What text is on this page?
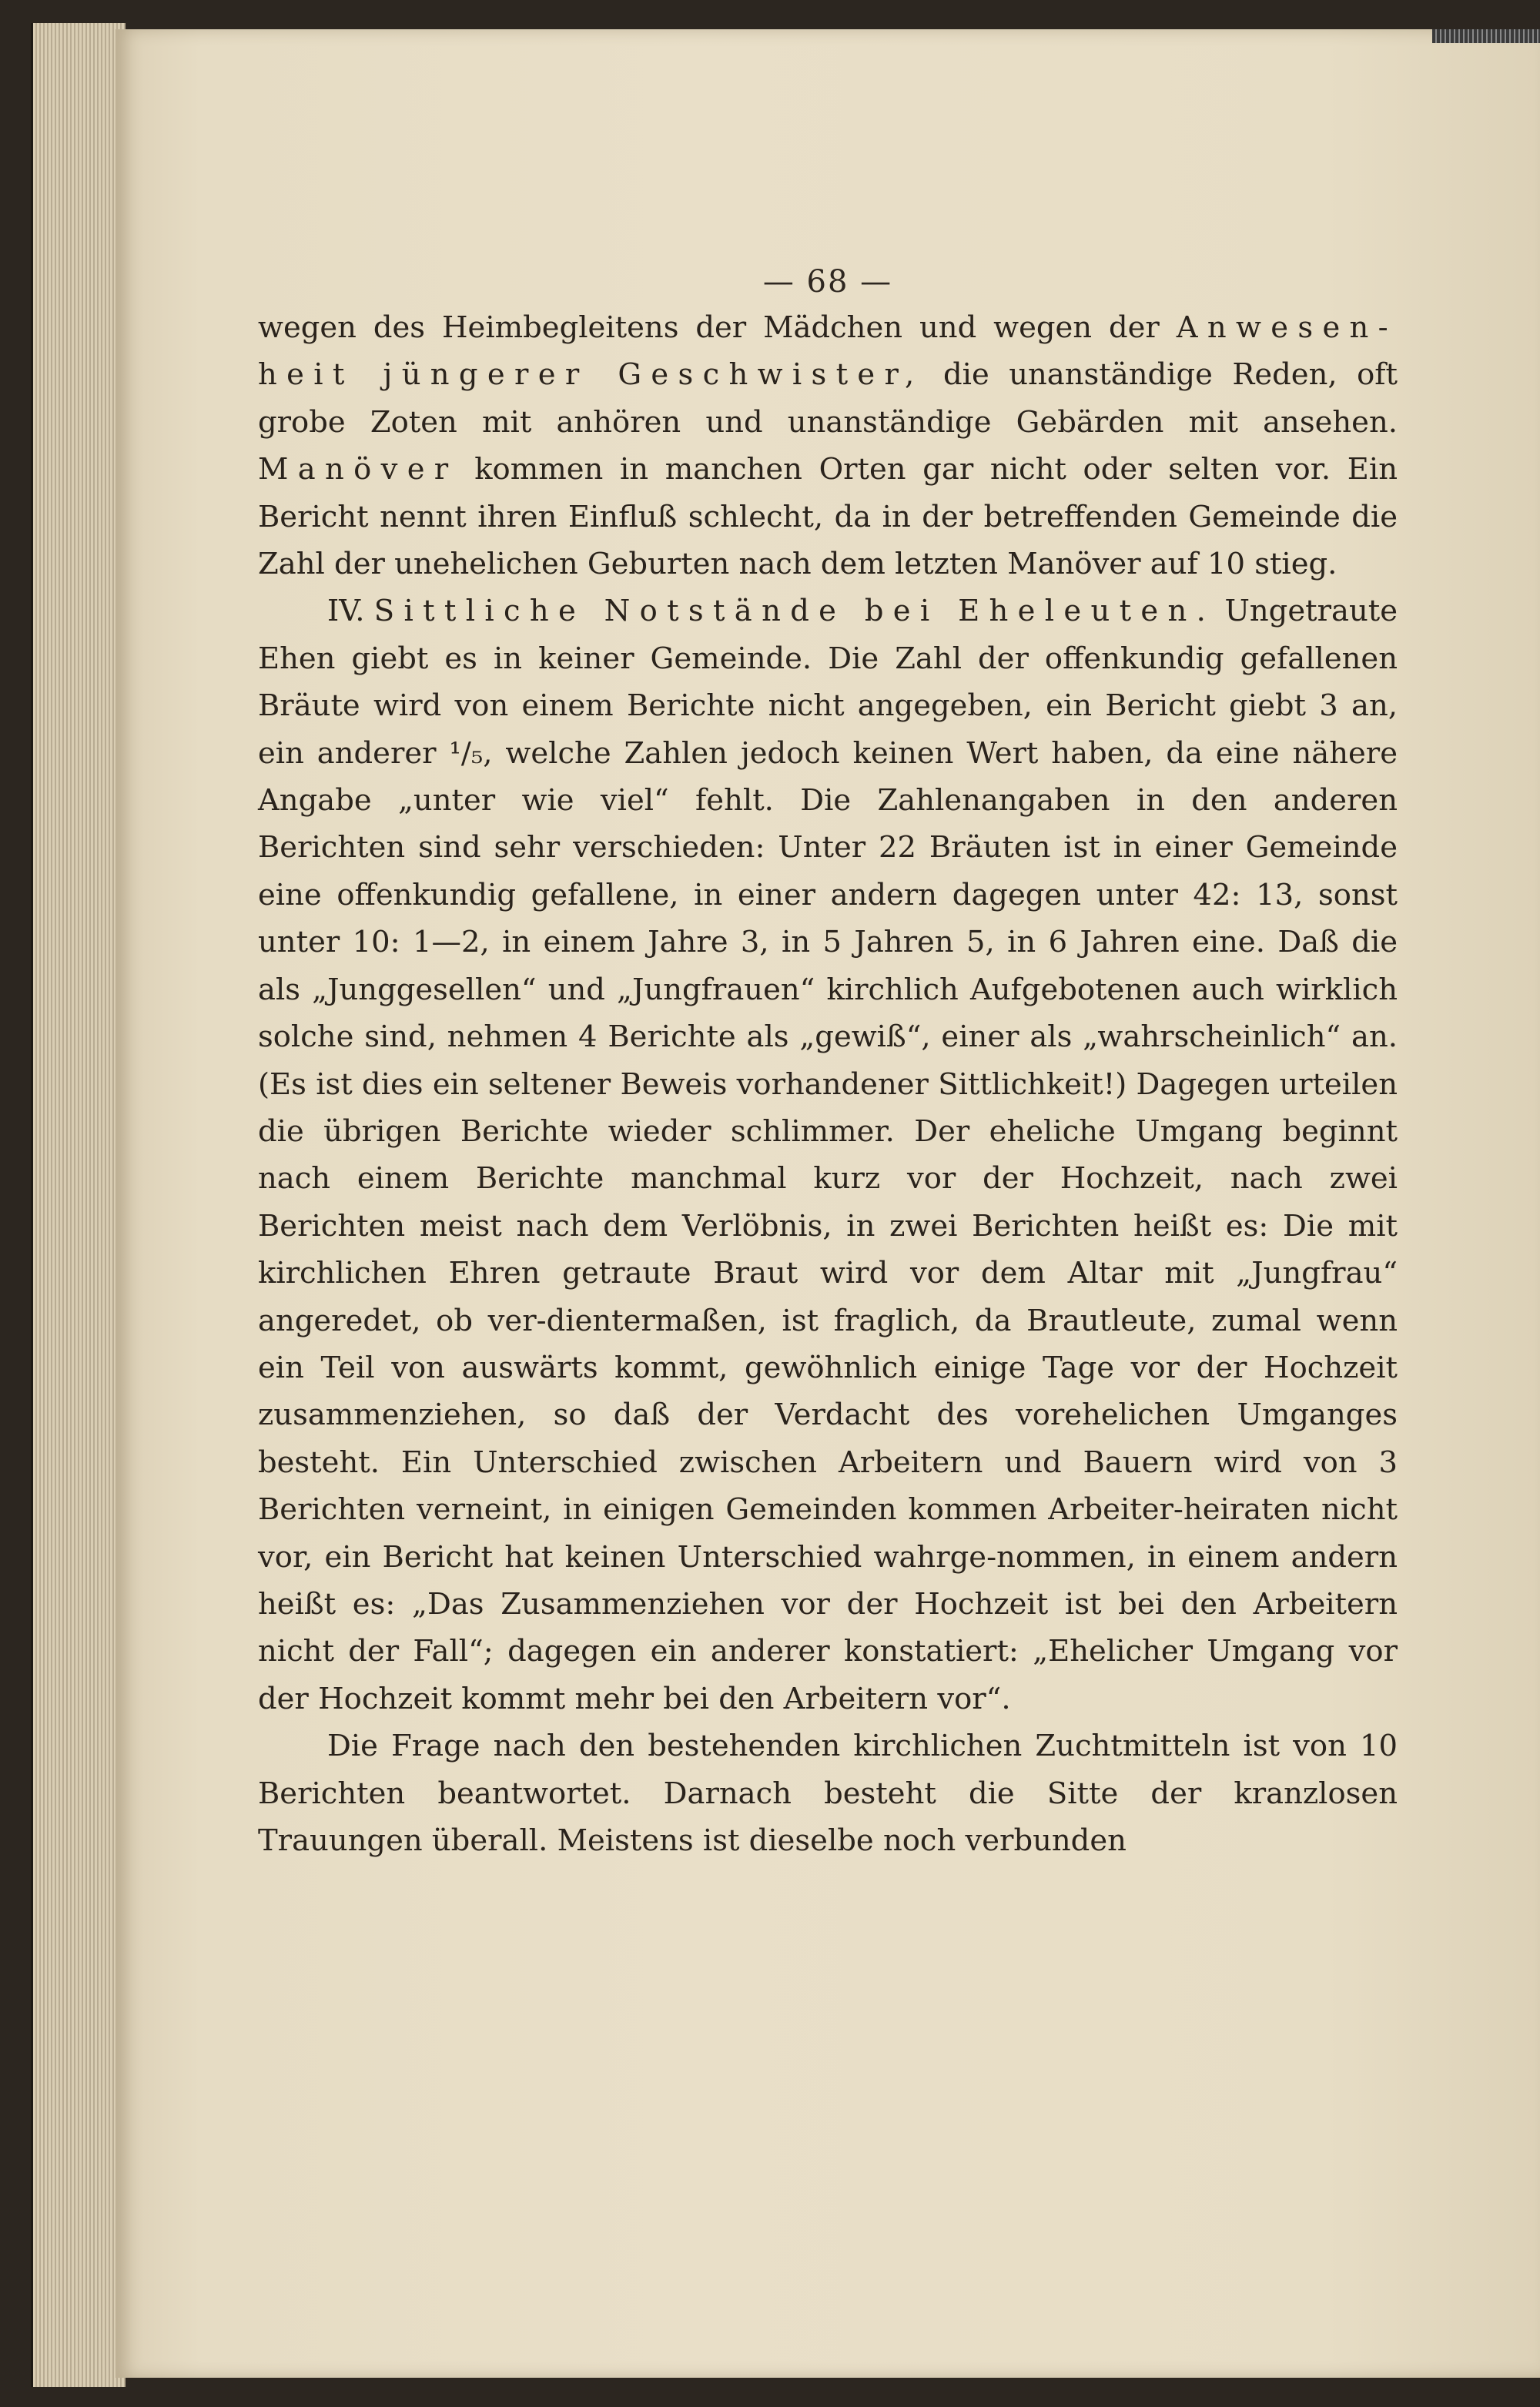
— 68 —

wegen des Heimbegleitens der Mädchen und wegen der Anwesen-heit jüngerer Geschwister, die unanständige Reden, oft grobe Zoten mit anhören und unanständige Gebärden mit ansehen. Manöver kommen in manchen Orten gar nicht oder selten vor. Ein Bericht nennt ihren Einfluß schlecht, da in der betreffenden Gemeinde die Zahl der unehelichen Geburten nach dem letzten Manöver auf 10 stieg.

IV. Sittliche Notstände bei Eheleuten. Ungetraute Ehen giebt es in keiner Gemeinde. Die Zahl der offenkundig gefallenen Bräute wird von einem Berichte nicht angegeben, ein Bericht giebt 3 an, ein anderer ¹/₅, welche Zahlen jedoch keinen Wert haben, da eine nähere Angabe „unter wie viel“ fehlt. Die Zahlenangaben in den anderen Berichten sind sehr verschieden: Unter 22 Bräuten ist in einer Gemeinde eine offenkundig gefallene, in einer andern dagegen unter 42: 13, sonst unter 10: 1—2, in einem Jahre 3, in 5 Jahren 5, in 6 Jahren eine. Daß die als „Junggesellen“ und „Jungfrauen“ kirchlich Aufgebotenen auch wirklich solche sind, nehmen 4 Berichte als „gewiß“, einer als „wahrscheinlich“ an. (Es ist dies ein seltener Beweis vorhandener Sittlichkeit!) Dagegen urteilen die übrigen Berichte wieder schlimmer. Der eheliche Umgang beginnt nach einem Berichte manchmal kurz vor der Hochzeit, nach zwei Berichten meist nach dem Verlöbnis, in zwei Berichten heißt es: Die mit kirchlichen Ehren getraute Braut wird vor dem Altar mit „Jungfrau“ angeredet, ob ver-dientermaßen, ist fraglich, da Brautleute, zumal wenn ein Teil von auswärts kommt, gewöhnlich einige Tage vor der Hochzeit zusammenziehen, so daß der Verdacht des vorehelichen Umganges besteht. Ein Unterschied zwischen Arbeitern und Bauern wird von 3 Berichten verneint, in einigen Gemeinden kommen Arbeiter-heiraten nicht vor, ein Bericht hat keinen Unterschied wahrge-nommen, in einem andern heißt es: „Das Zusammenziehen vor der Hochzeit ist bei den Arbeitern nicht der Fall“; dagegen ein anderer konstatiert: „Ehelicher Umgang vor der Hochzeit kommt mehr bei den Arbeitern vor“.

Die Frage nach den bestehenden kirchlichen Zuchtmitteln ist von 10 Berichten beantwortet. Darnach besteht die Sitte der kranzlosen Trauungen überall. Meistens ist dieselbe noch verbunden
